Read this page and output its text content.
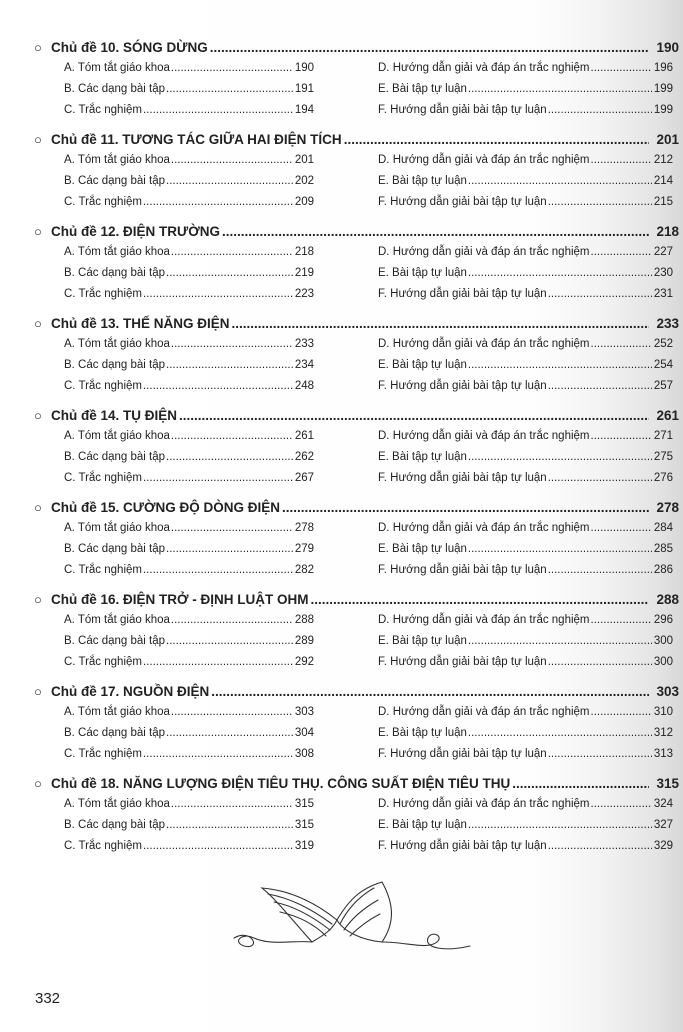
○ Chủ đề 10. SÓNG DỪNG .....	190
A. Tóm tắt giáo khoa .....	190
B. Các dạng bài tập .....	191
C. Trắc nghiệm .....	194
D. Hướng dẫn giải và đáp án trắc nghiệm .....	196
E. Bài tập tự luận .....	199
F. Hướng dẫn giải bài tập tự luận .....	199
○ Chủ đề 11. TƯƠNG TÁC GIỮA HAI ĐIỆN TÍCH .....	201
A. Tóm tắt giáo khoa .....	201
B. Các dạng bài tập .....	202
C. Trắc nghiệm .....	209
D. Hướng dẫn giải và đáp án trắc nghiệm .....	212
E. Bài tập tự luận .....	214
F. Hướng dẫn giải bài tập tự luận .....	215
○ Chủ đề 12. ĐIỆN TRƯỜNG .....	218
A. Tóm tắt giáo khoa .....	218
B. Các dạng bài tập .....	219
C. Trắc nghiệm .....	223
D. Hướng dẫn giải và đáp án trắc nghiệm .....	227
E. Bài tập tự luận .....	230
F. Hướng dẫn giải bài tập tự luận .....	231
○ Chủ đề 13. THẾ NĂNG ĐIỆN .....	233
A. Tóm tắt giáo khoa .....	233
B. Các dạng bài tập .....	234
C. Trắc nghiệm .....	248
D. Hướng dẫn giải và đáp án trắc nghiệm .....	252
E. Bài tập tự luận .....	254
F. Hướng dẫn giải bài tập tự luận .....	257
○ Chủ đề 14. TỤ ĐIỆN .....	261
A. Tóm tắt giáo khoa .....	261
B. Các dạng bài tập .....	262
C. Trắc nghiệm .....	267
D. Hướng dẫn giải và đáp án trắc nghiệm .....	271
E. Bài tập tự luận .....	275
F. Hướng dẫn giải bài tập tự luận .....	276
○ Chủ đề 15. CƯỜNG ĐỘ DÒNG ĐIỆN .....	278
A. Tóm tắt giáo khoa .....	278
B. Các dạng bài tập .....	279
C. Trắc nghiệm .....	282
D. Hướng dẫn giải và đáp án trắc nghiệm .....	284
E. Bài tập tự luận .....	285
F. Hướng dẫn giải bài tập tự luận .....	286
○ Chủ đề 16. ĐIỆN TRỞ - ĐỊNH LUẬT OHM .....	288
A. Tóm tắt giáo khoa .....	288
B. Các dạng bài tập .....	289
C. Trắc nghiệm .....	292
D. Hướng dẫn giải và đáp án trắc nghiệm .....	296
E. Bài tập tự luận .....	300
F. Hướng dẫn giải bài tập tự luận .....	300
○ Chủ đề 17. NGUỒN ĐIỆN .....	303
A. Tóm tắt giáo khoa .....	303
B. Các dạng bài tập .....	304
C. Trắc nghiệm .....	308
D. Hướng dẫn giải và đáp án trắc nghiệm .....	310
E. Bài tập tự luận .....	312
F. Hướng dẫn giải bài tập tự luận .....	313
○ Chủ đề 18. NĂNG LƯỢNG ĐIỆN TIÊU THỤ. CÔNG SUẤT ĐIỆN TIÊU THỤ .....	315
A. Tóm tắt giáo khoa .....	315
B. Các dạng bài tập .....	315
C. Trắc nghiệm .....	319
D. Hướng dẫn giải và đáp án trắc nghiệm .....	324
E. Bài tập tự luận .....	327
F. Hướng dẫn giải bài tập tự luận .....	329
332
